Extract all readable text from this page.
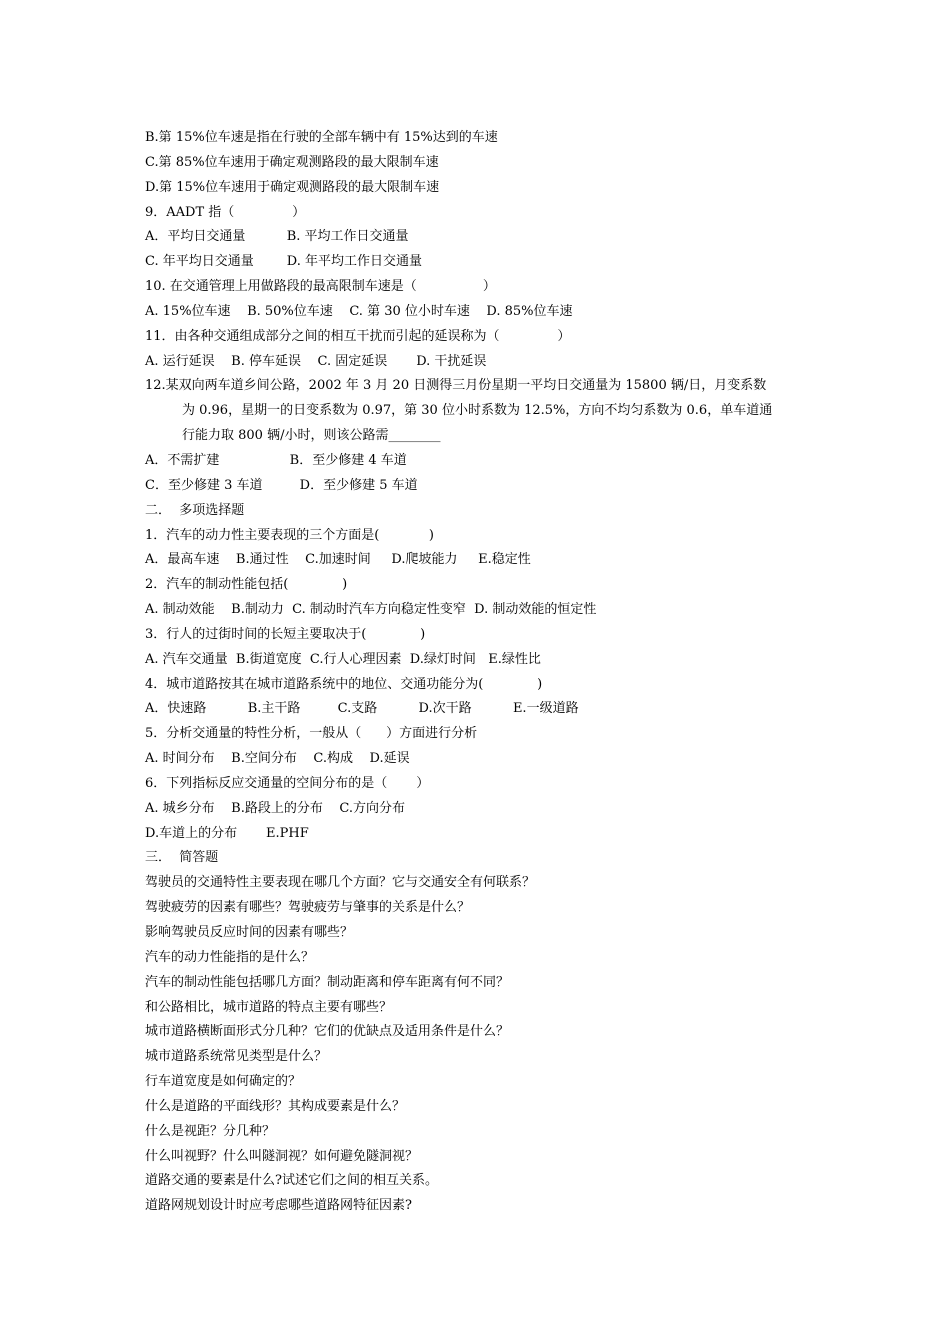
B.第 15%位车速是指在行驶的全部车辆中有 15%达到的车速
C.第 85%位车速用于确定观测路段的最大限制车速
D.第 15%位车速用于确定观测路段的最大限制车速
9．AADT 指（              ）
A．平均日交通量          B. 平均工作日交通量
C. 年平均日交通量        D. 年平均工作日交通量
10. 在交通管理上用做路段的最高限制车速是（                ）
A. 15%位车速    B. 50%位车速    C. 第 30 位小时车速    D. 85%位车速
11．由各种交通组成部分之间的相互干扰而引起的延误称为（              ）
A. 运行延误    B. 停车延误    C. 固定延误       D. 干扰延误
12.某双向两车道乡间公路，2002 年 3 月 20 日测得三月份星期一平均日交通量为 15800 辆/日，月变系数
为 0.96，星期一的日变系数为 0.97，第 30 位小时系数为 12.5%，方向不均匀系数为 0.6，单车道通
行能力取 800 辆/小时，则该公路需________
A．不需扩建                 B．至少修建 4 车道
C．至少修建 3 车道         D．至少修建 5 车道
二．  多项选择题
1．汽车的动力性主要表现的三个方面是(            )
A．最高车速    B.通过性    C.加速时间     D.爬坡能力     E.稳定性
2．汽车的制动性能包括(             )
A. 制动效能    B.制动力  C. 制动时汽车方向稳定性变窄  D. 制动效能的恒定性
3．行人的过街时间的长短主要取决于(             )
A. 汽车交通量  B.街道宽度  C.行人心理因素  D.绿灯时间   E.绿性比
4．城市道路按其在城市道路系统中的地位、交通功能分为(             )
A．快速路          B.主干路         C.支路          D.次干路          E.一级道路
5．分析交通量的特性分析，一般从（      ）方面进行分析
A. 时间分布    B.空间分布    C.构成    D.延误
6．下列指标反应交通量的空间分布的是（       ）
A. 城乡分布    B.路段上的分布    C.方向分布
D.车道上的分布       E.PHF
三．  简答题
驾驶员的交通特性主要表现在哪几个方面？它与交通安全有何联系？
驾驶疲劳的因素有哪些？驾驶疲劳与肇事的关系是什么？
影响驾驶员反应时间的因素有哪些？
汽车的动力性能指的是什么？
汽车的制动性能包括哪几方面？制动距离和停车距离有何不同？
和公路相比，城市道路的特点主要有哪些？
城市道路横断面形式分几种？它们的优缺点及适用条件是什么？
城市道路系统常见类型是什么？
行车道宽度是如何确定的？
什么是道路的平面线形？其构成要素是什么？
什么是视距？分几种？
什么叫视野？什么叫隧洞视？如何避免隧洞视？
道路交通的要素是什么?试述它们之间的相互关系。
道路网规划设计时应考虑哪些道路网特征因素?
